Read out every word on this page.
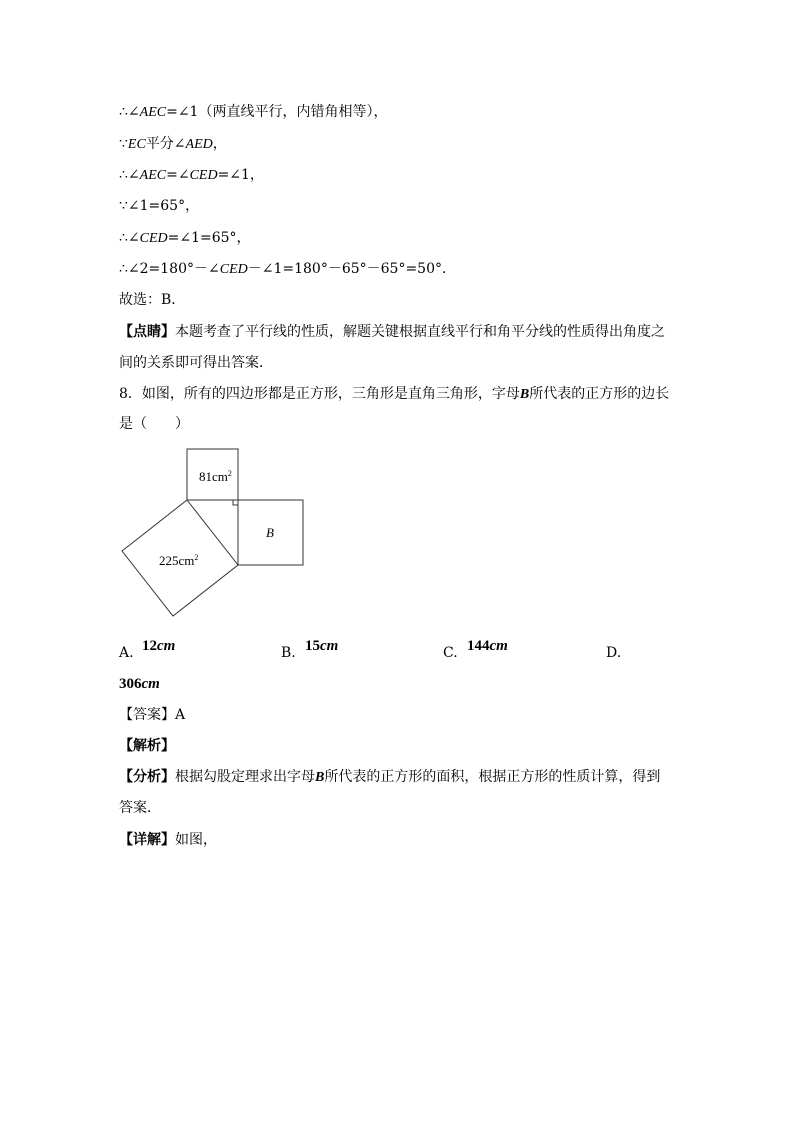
∴∠AEC=∠1（两直线平行，内错角相等），
∵EC平分∠AED，
∴∠AEC=∠CED=∠1，
∵∠1=65°，
∴∠CED=∠1=65°，
∴∠2=180°－∠CED－∠1=180°－65°－65°=50°．
故选：B．
【点睛】本题考查了平行线的性质，解题关键根据直线平行和角平分线的性质得出角度之
间的关系即可得出答案．
8．如图，所有的四边形都是正方形，三角形是直角三角形，字母B所代表的正方形的边长
是（　　）
$81cm^2$
$225cm^2$
B
A. 12cm	B. 15cm	C. 144cm	D.
306cm
【答案】A
【解析】
【分析】根据勾股定理求出字母B所代表的正方形的面积，根据正方形的性质计算，得到
答案．
【详解】如图，
